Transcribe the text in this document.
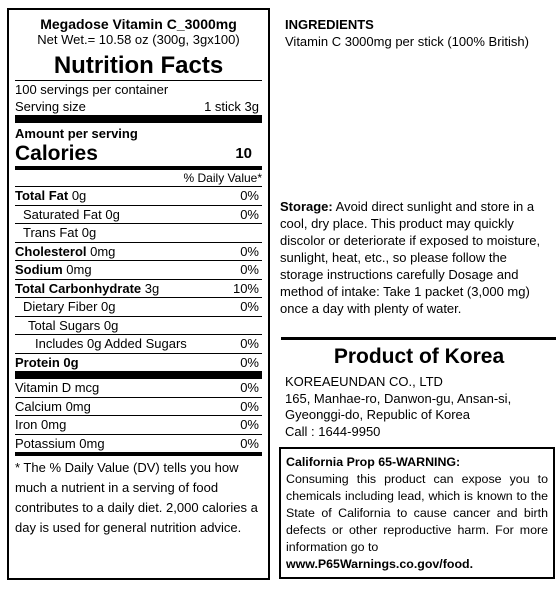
Megadose Vitamin C_3000mg
Net Wet.= 10.58 oz (300g, 3gx100)
Nutrition Facts
100 servings per container
Serving size	1 stick 3g
Amount per serving
Calories	10
% Daily Value*
Total Fat 0g	0%
Saturated Fat 0g	0%
Trans Fat 0g
Cholesterol 0mg	0%
Sodium 0mg	0%
Total Carbonhydrate 3g	10%
Dietary Fiber 0g	0%
Total Sugars 0g
Includes 0g Added Sugars	0%
Protein 0g	0%
Vitamin D mcg	0%
Calcium 0mg	0%
Iron 0mg	0%
Potassium 0mg	0%
* The % Daily Value (DV) tells you how much a nutrient in a serving of food contributes to a daily diet. 2,000 calories a day is used for general nutrition advice.
INGREDIENTS
Vitamin C 3000mg per stick (100% British)
Storage: Avoid direct sunlight and store in a cool, dry place. This product may quickly discolor or deteriorate if exposed to moisture, sunlight, heat, etc., so please follow the storage instructions carefully Dosage and method of intake: Take 1 packet (3,000 mg) once a day with plenty of water.
Product of Korea
KOREAEUNDAN CO., LTD
165, Manhae-ro, Danwon-gu, Ansan-si, Gyeonggi-do, Republic of Korea
Call : 1644-9950
California Prop 65-WARNING:
Consuming this product can expose you to chemicals including lead, which is known to the State of California to cause cancer and birth defects or other reproductive harm. For more information go to
www.P65Warnings.co.gov/food.
